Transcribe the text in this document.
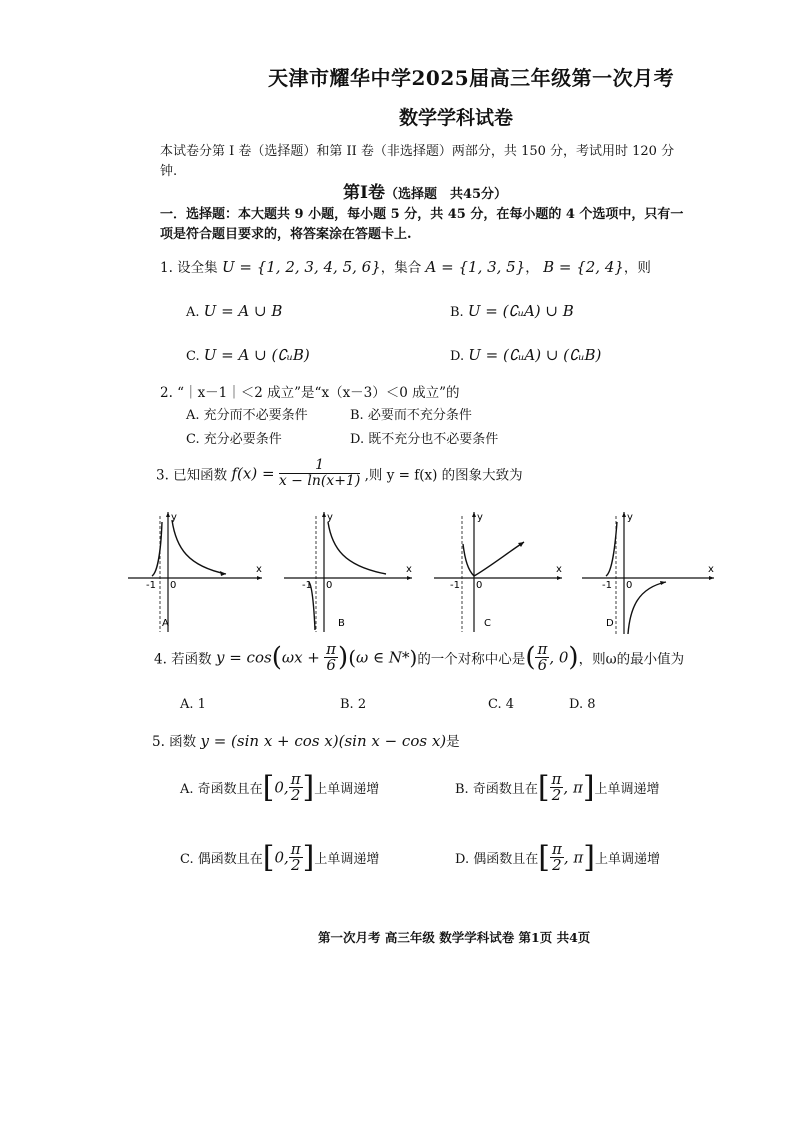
天津市耀华中学2025届高三年级第一次月考
数学学科试卷
本试卷分第 I 卷（选择题）和第 II 卷（非选择题）两部分，共 150 分，考试用时 120 分
钟.
第I卷（选择题　共45分）
一．选择题：本大题共 9 小题，每小题 5 分，共 45 分，在每小题的 4 个选项中，只有一
项是符合题目要求的，将答案涂在答题卡上.
1. 设全集 U = {1, 2, 3, 4, 5, 6}，集合 A = {1, 3, 5}， B = {2, 4}，则
A. U = A ∪ B	B. U = (∁ᵤA) ∪ B
C. U = A ∪ (∁ᵤB)	D. U = (∁ᵤA) ∪ (∁ᵤB)
2. “｜x－1｜＜2 成立”是“x（x－3）＜0 成立”的
A. 充分而不必要条件	B. 必要而不充分条件
C. 充分必要条件	D. 既不充分也不必要条件
3. 已知函数 $f(x) = \frac{1}{x - \ln(x+1)}$ ,则 y = f(x) 的图象大致为
x
y
-1 0
A
x
y
-1 0
B
x
y
-1 0
C
x
y
-1 0
D
4. 若函数 $y = \cos(\omega x + \frac{\pi}{6} )(\omega$ ∈ N*)的一个对称中心是( $\frac{\pi}{6}$ , 0)，则ω的最小值为
A. 1	B. 2	C. 4	D. 8
5. 函数 y = (sin x + cos x)(sin x − cos x)是
A. 奇函数且在[0, $\frac{\pi}{2}$ ]上单调递增	B. 奇函数且在[ $\frac{\pi}{2}$ , π]上单调递增
C. 偶函数且在[0, $\frac{\pi}{2}$ ]上单调递增	D. 偶函数且在[ $\frac{\pi}{2}$ , π]上单调递增
第一次月考 高三年级 数学学科试卷 第1页 共4页
